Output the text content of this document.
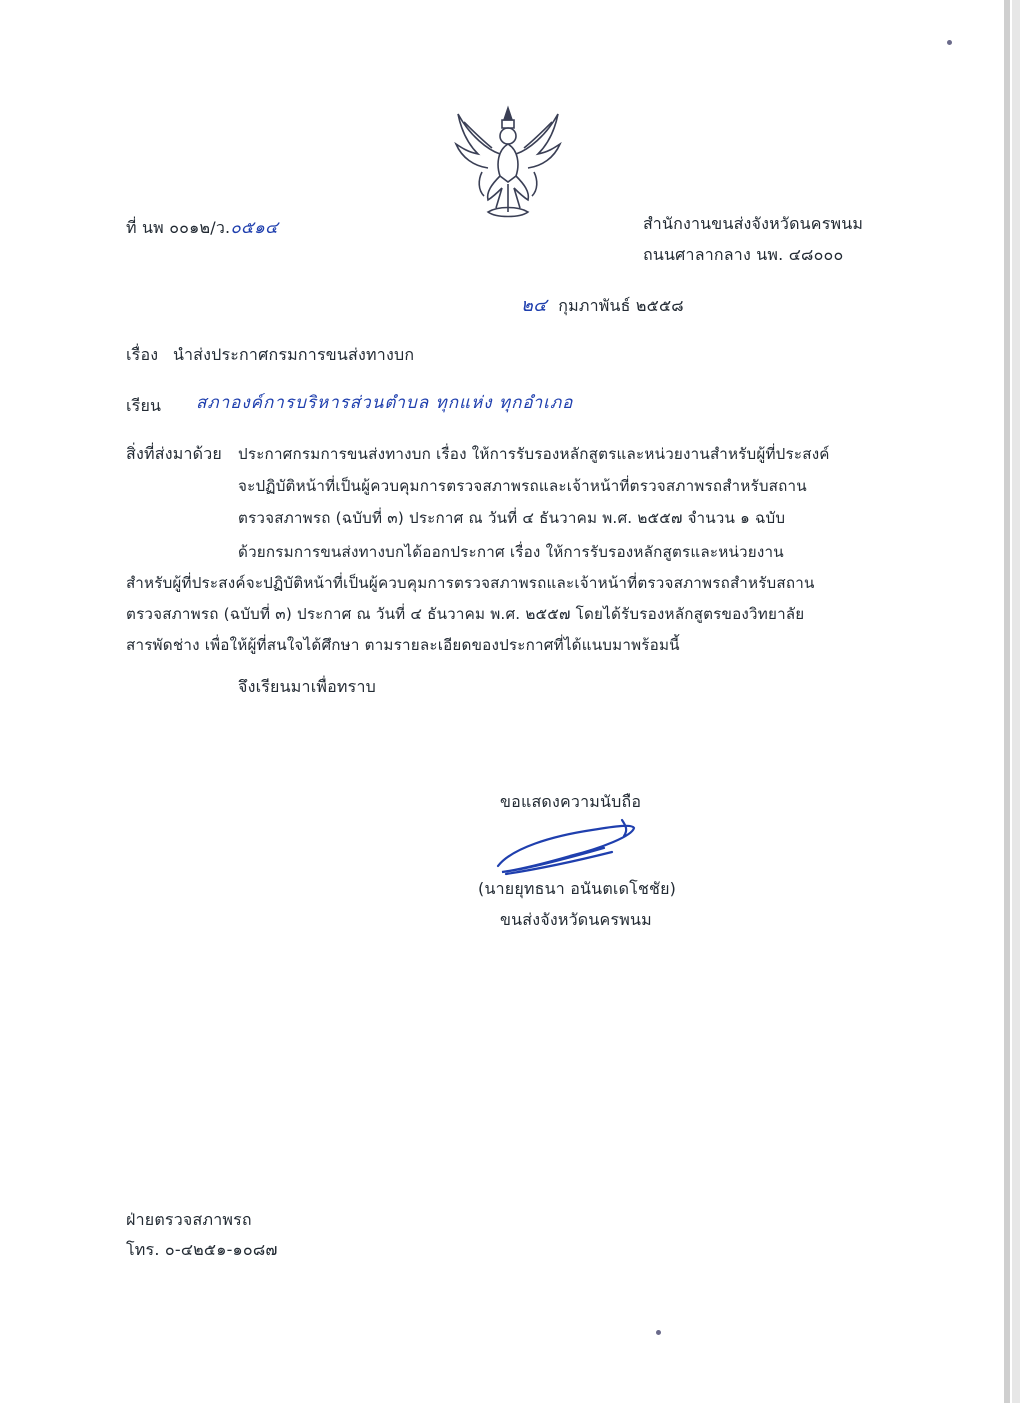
ที่ นพ ๐๐๑๒/ว.๐๕๑๔	สำนักงานขนส่งจังหวัดนครพนม
ถนนศาลากลาง นพ. ๔๘๐๐๐
๒๔ กุมภาพันธ์ ๒๕๕๘
เรื่อง นำส่งประกาศกรมการขนส่งทางบก
เรียน สภาองค์การบริหารส่วนตำบล ทุกแห่ง ทุกอำเภอ
สิ่งที่ส่งมาด้วย ประกาศกรมการขนส่งทางบก เรื่อง ให้การรับรองหลักสูตรและหน่วยงานสำหรับผู้ที่ประสงค์
จะปฏิบัติหน้าที่เป็นผู้ควบคุมการตรวจสภาพรถและเจ้าหน้าที่ตรวจสภาพรถสำหรับสถาน
ตรวจสภาพรถ (ฉบับที่ ๓) ประกาศ ณ วันที่ ๔ ธันวาคม พ.ศ. ๒๕๕๗ จำนวน ๑ ฉบับ
ด้วยกรมการขนส่งทางบกได้ออกประกาศ เรื่อง ให้การรับรองหลักสูตรและหน่วยงาน
สำหรับผู้ที่ประสงค์จะปฏิบัติหน้าที่เป็นผู้ควบคุมการตรวจสภาพรถและเจ้าหน้าที่ตรวจสภาพรถสำหรับสถาน
ตรวจสภาพรถ (ฉบับที่ ๓) ประกาศ ณ วันที่ ๔ ธันวาคม พ.ศ. ๒๕๕๗ โดยได้รับรองหลักสูตรของวิทยาลัย
สารพัดช่าง เพื่อให้ผู้ที่สนใจได้ศึกษา ตามรายละเอียดของประกาศที่ได้แนบมาพร้อมนี้
จึงเรียนมาเพื่อทราบ
ขอแสดงความนับถือ
(นายยุทธนา อนันตเดโชชัย)
ขนส่งจังหวัดนครพนม
ฝ่ายตรวจสภาพรถ
โทร. ๐-๔๒๕๑-๑๐๘๗
